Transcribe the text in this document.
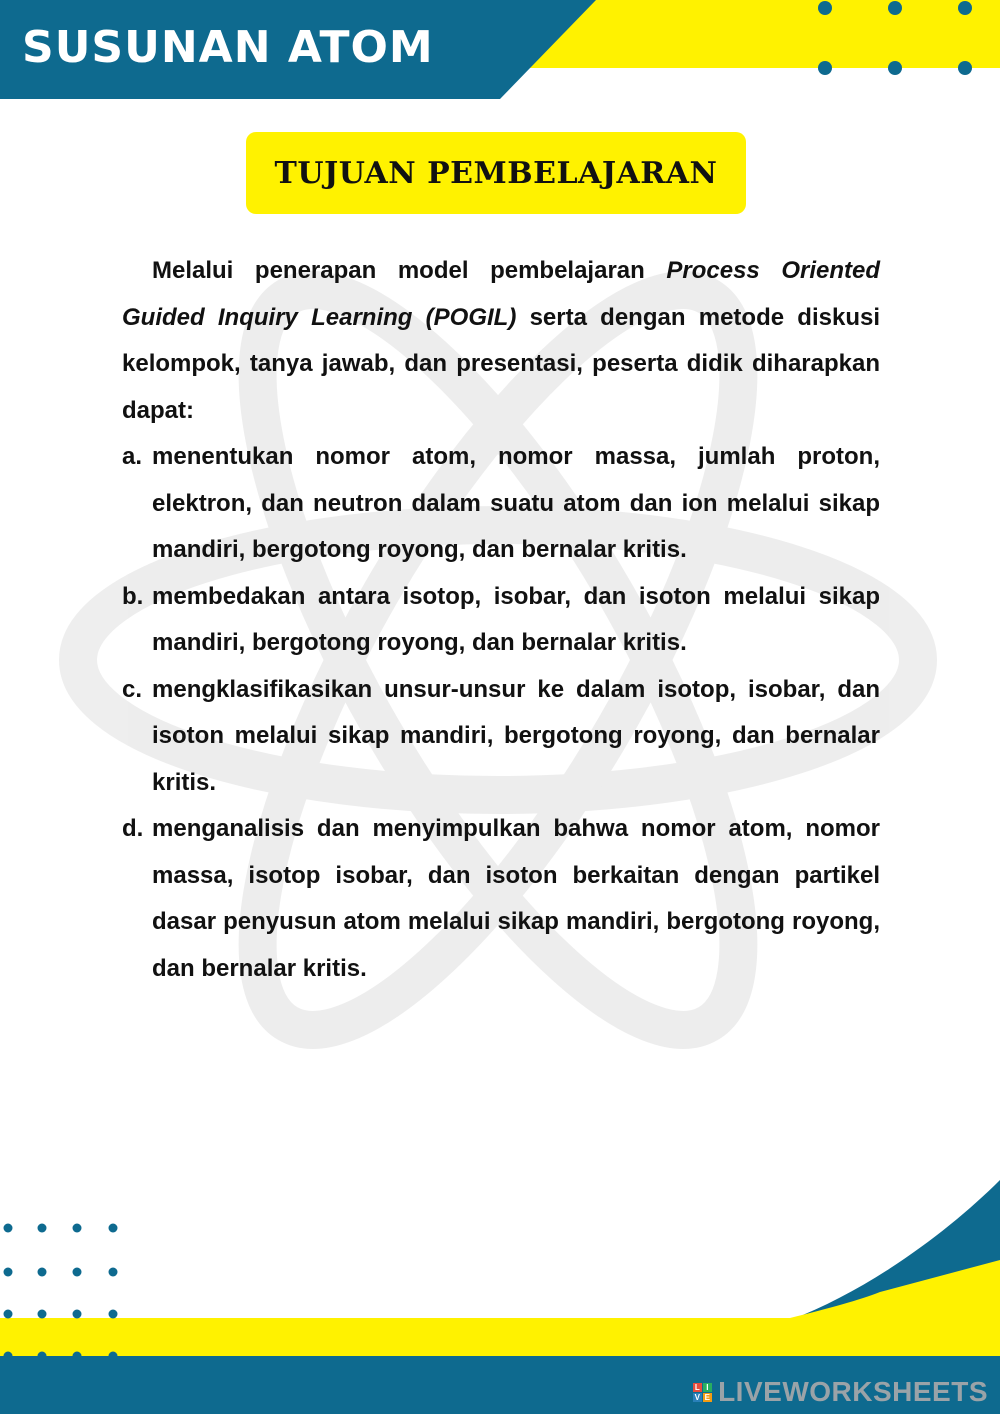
SUSUNAN ATOM
TUJUAN PEMBELAJARAN

Melalui penerapan model pembelajaran Process Oriented Guided Inquiry Learning (POGIL) serta dengan metode diskusi kelompok, tanya jawab, dan presentasi, peserta didik diharapkan dapat:

a. menentukan nomor atom, nomor massa, jumlah proton, elektron, dan neutron dalam suatu atom dan ion melalui sikap mandiri, bergotong royong, dan bernalar kritis.
b. membedakan antara isotop, isobar, dan isoton melalui sikap mandiri, bergotong royong, dan bernalar kritis.
c. mengklasifikasikan unsur-unsur ke dalam isotop, isobar, dan isoton melalui sikap mandiri, bergotong royong, dan bernalar kritis.
d. menganalisis dan menyimpulkan bahwa nomor atom, nomor massa, isotop isobar, dan isoton berkaitan dengan partikel dasar penyusun atom melalui sikap mandiri, bergotong royong, dan bernalar kritis.
L I
V E LIVEWORKSHEETS
